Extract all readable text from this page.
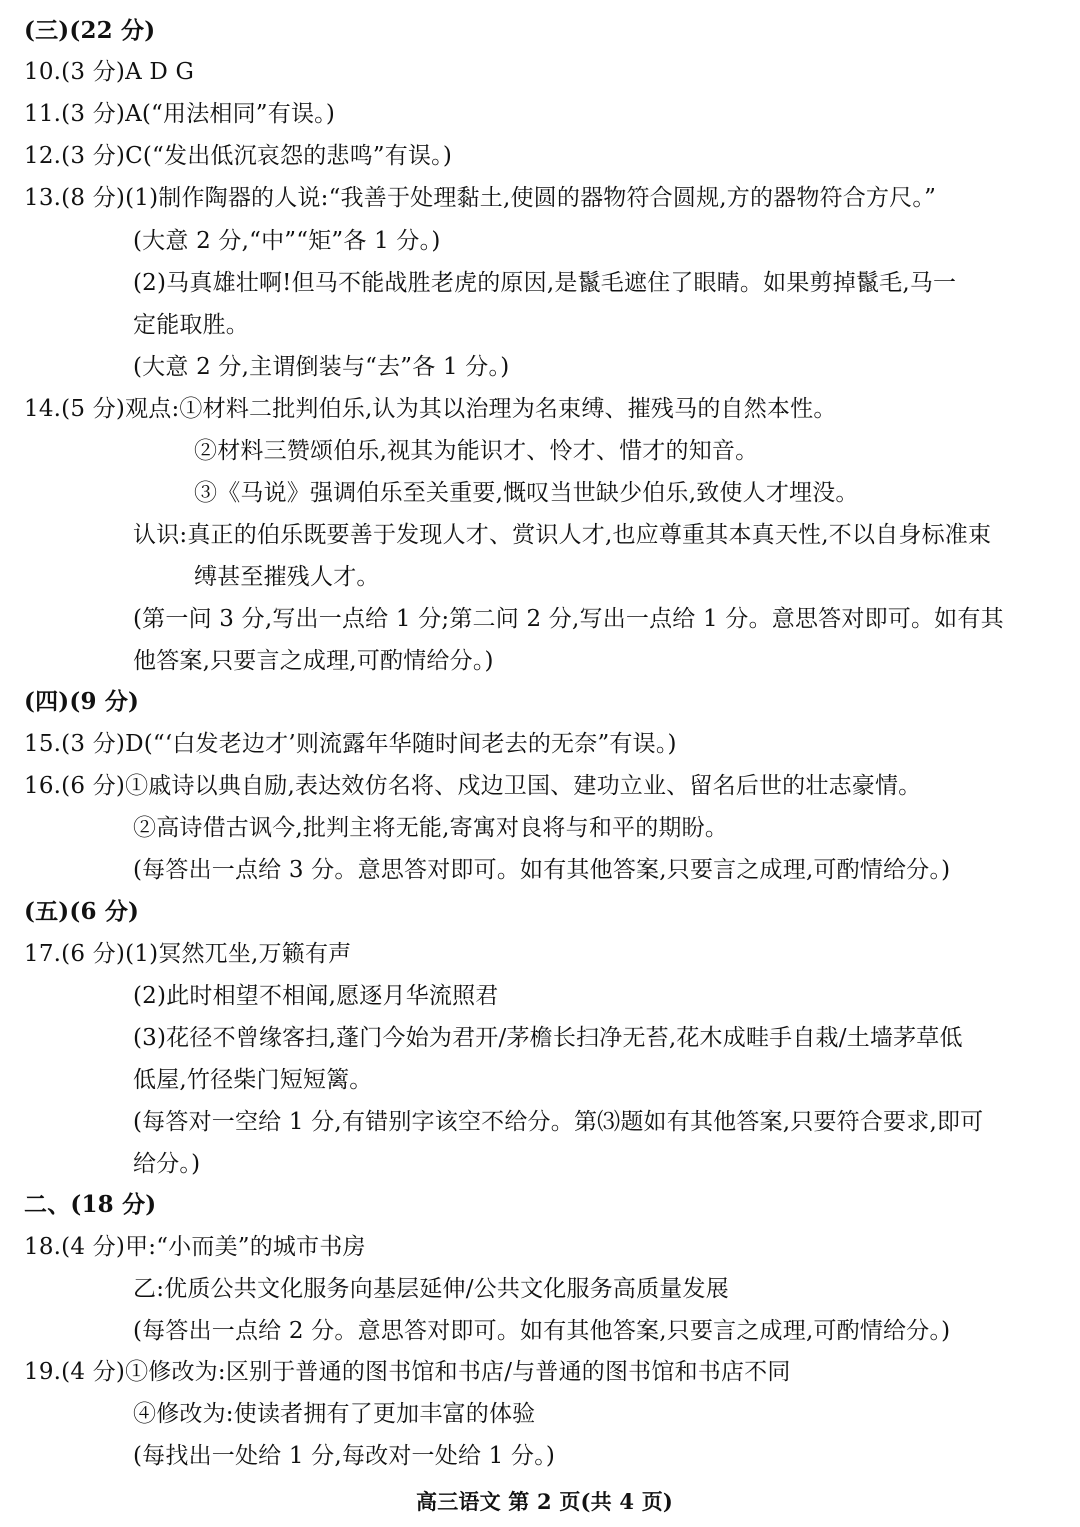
(三)(22 分)
10.(3 分)A D G
11.(3 分)A(“用法相同”有误。)
12.(3 分)C(“发出低沉哀怨的悲鸣”有误。)
13.(8 分)(1)制作陶器的人说:“我善于处理黏土,使圆的器物符合圆规,方的器物符合方尺。”
(大意 2 分,“中”“矩”各 1 分。)
(2)马真雄壮啊!但马不能战胜老虎的原因,是鬣毛遮住了眼睛。如果剪掉鬣毛,马一
定能取胜。
(大意 2 分,主谓倒装与“去”各 1 分。)
14.(5 分)观点:①材料二批判伯乐,认为其以治理为名束缚、摧残马的自然本性。
②材料三赞颂伯乐,视其为能识才、怜才、惜才的知音。
③《马说》强调伯乐至关重要,慨叹当世缺少伯乐,致使人才埋没。
认识:真正的伯乐既要善于发现人才、赏识人才,也应尊重其本真天性,不以自身标准束
缚甚至摧残人才。
(第一问 3 分,写出一点给 1 分;第二问 2 分,写出一点给 1 分。意思答对即可。如有其
他答案,只要言之成理,可酌情给分。)
(四)(9 分)
15.(3 分)D(“‘白发老边才’则流露年华随时间老去的无奈”有误。)
16.(6 分)①戚诗以典自励,表达效仿名将、戍边卫国、建功立业、留名后世的壮志豪情。
②高诗借古讽今,批判主将无能,寄寓对良将与和平的期盼。
(每答出一点给 3 分。意思答对即可。如有其他答案,只要言之成理,可酌情给分。)
(五)(6 分)
17.(6 分)(1)冥然兀坐,万籁有声
(2)此时相望不相闻,愿逐月华流照君
(3)花径不曾缘客扫,蓬门今始为君开/茅檐长扫净无苔,花木成畦手自栽/土墙茅草低
低屋,竹径柴门短短篱。
(每答对一空给 1 分,有错别字该空不给分。第⑶题如有其他答案,只要符合要求,即可
给分。)
二、(18 分)
18.(4 分)甲:“小而美”的城市书房
乙:优质公共文化服务向基层延伸/公共文化服务高质量发展
(每答出一点给 2 分。意思答对即可。如有其他答案,只要言之成理,可酌情给分。)
19.(4 分)①修改为:区别于普通的图书馆和书店/与普通的图书馆和书店不同
④修改为:使读者拥有了更加丰富的体验
(每找出一处给 1 分,每改对一处给 1 分。)
高三语文 第 2 页(共 4 页)
